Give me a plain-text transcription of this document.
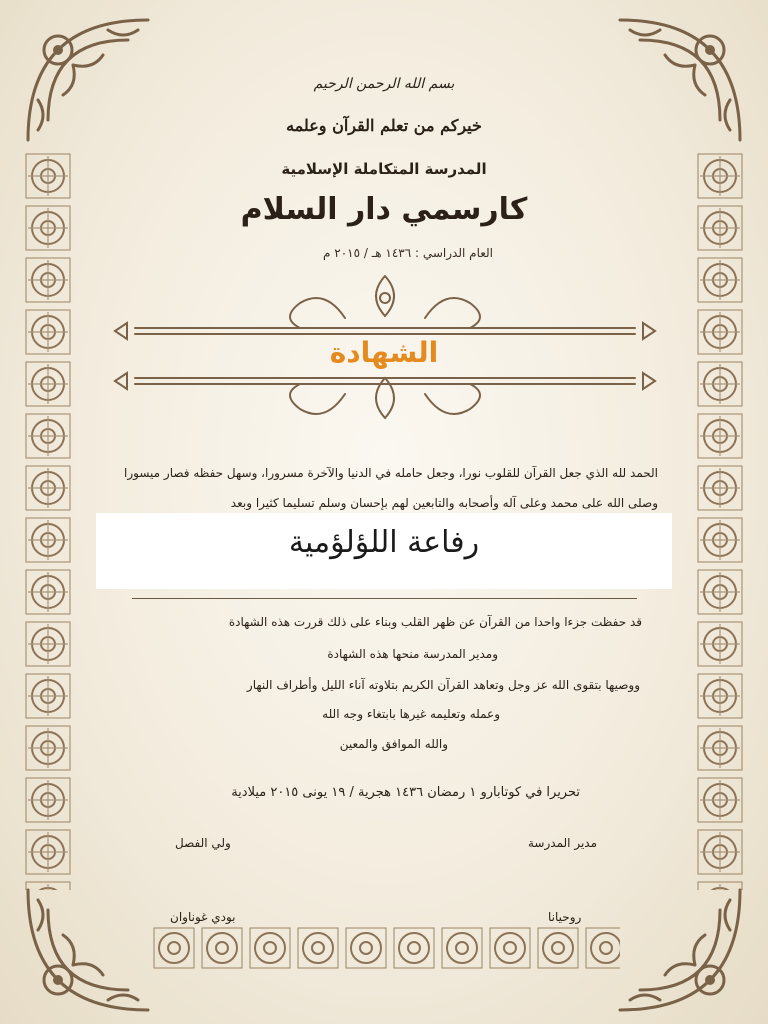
بسم الله الرحمن الرحيم
خيركم من تعلم القرآن وعلمه
المدرسة المتكاملة الإسلامية
كارسمي دار السلام
العام الدراسي : ١٤٣٦ هـ / ٢٠١٥ م
الشهادة
الحمد لله الذي جعل القرآن للقلوب نورا، وجعل حامله في الدنيا والآخرة مسرورا، وسهل حفظه فصار ميسورا
وصلى الله على محمد وعلى آله وأصحابه والتابعين لهم بإحسان وسلم تسليما كثيرا وبعد
رفاعة اللؤلؤمية
قد حفظت جزءا واحدا من القرآن عن ظهر القلب وبناء على ذلك قررت هذه الشهادة
ومدير المدرسة منحها هذه الشهادة
ووصيها بتقوى الله عز وجل وتعاهد القرآن الكريم بتلاوته آناء الليل وأطراف النهار
وعمله وتعليمه غيرها بابتغاء وجه الله
والله الموافق والمعين
تحريرا في كوتابارو ١ رمضان ١٤٣٦ هجرية / ١٩ يونى ٢٠١٥ ميلادية
ولي الفصل	مدير المدرسة
بودي غوناوان	روحيانا
